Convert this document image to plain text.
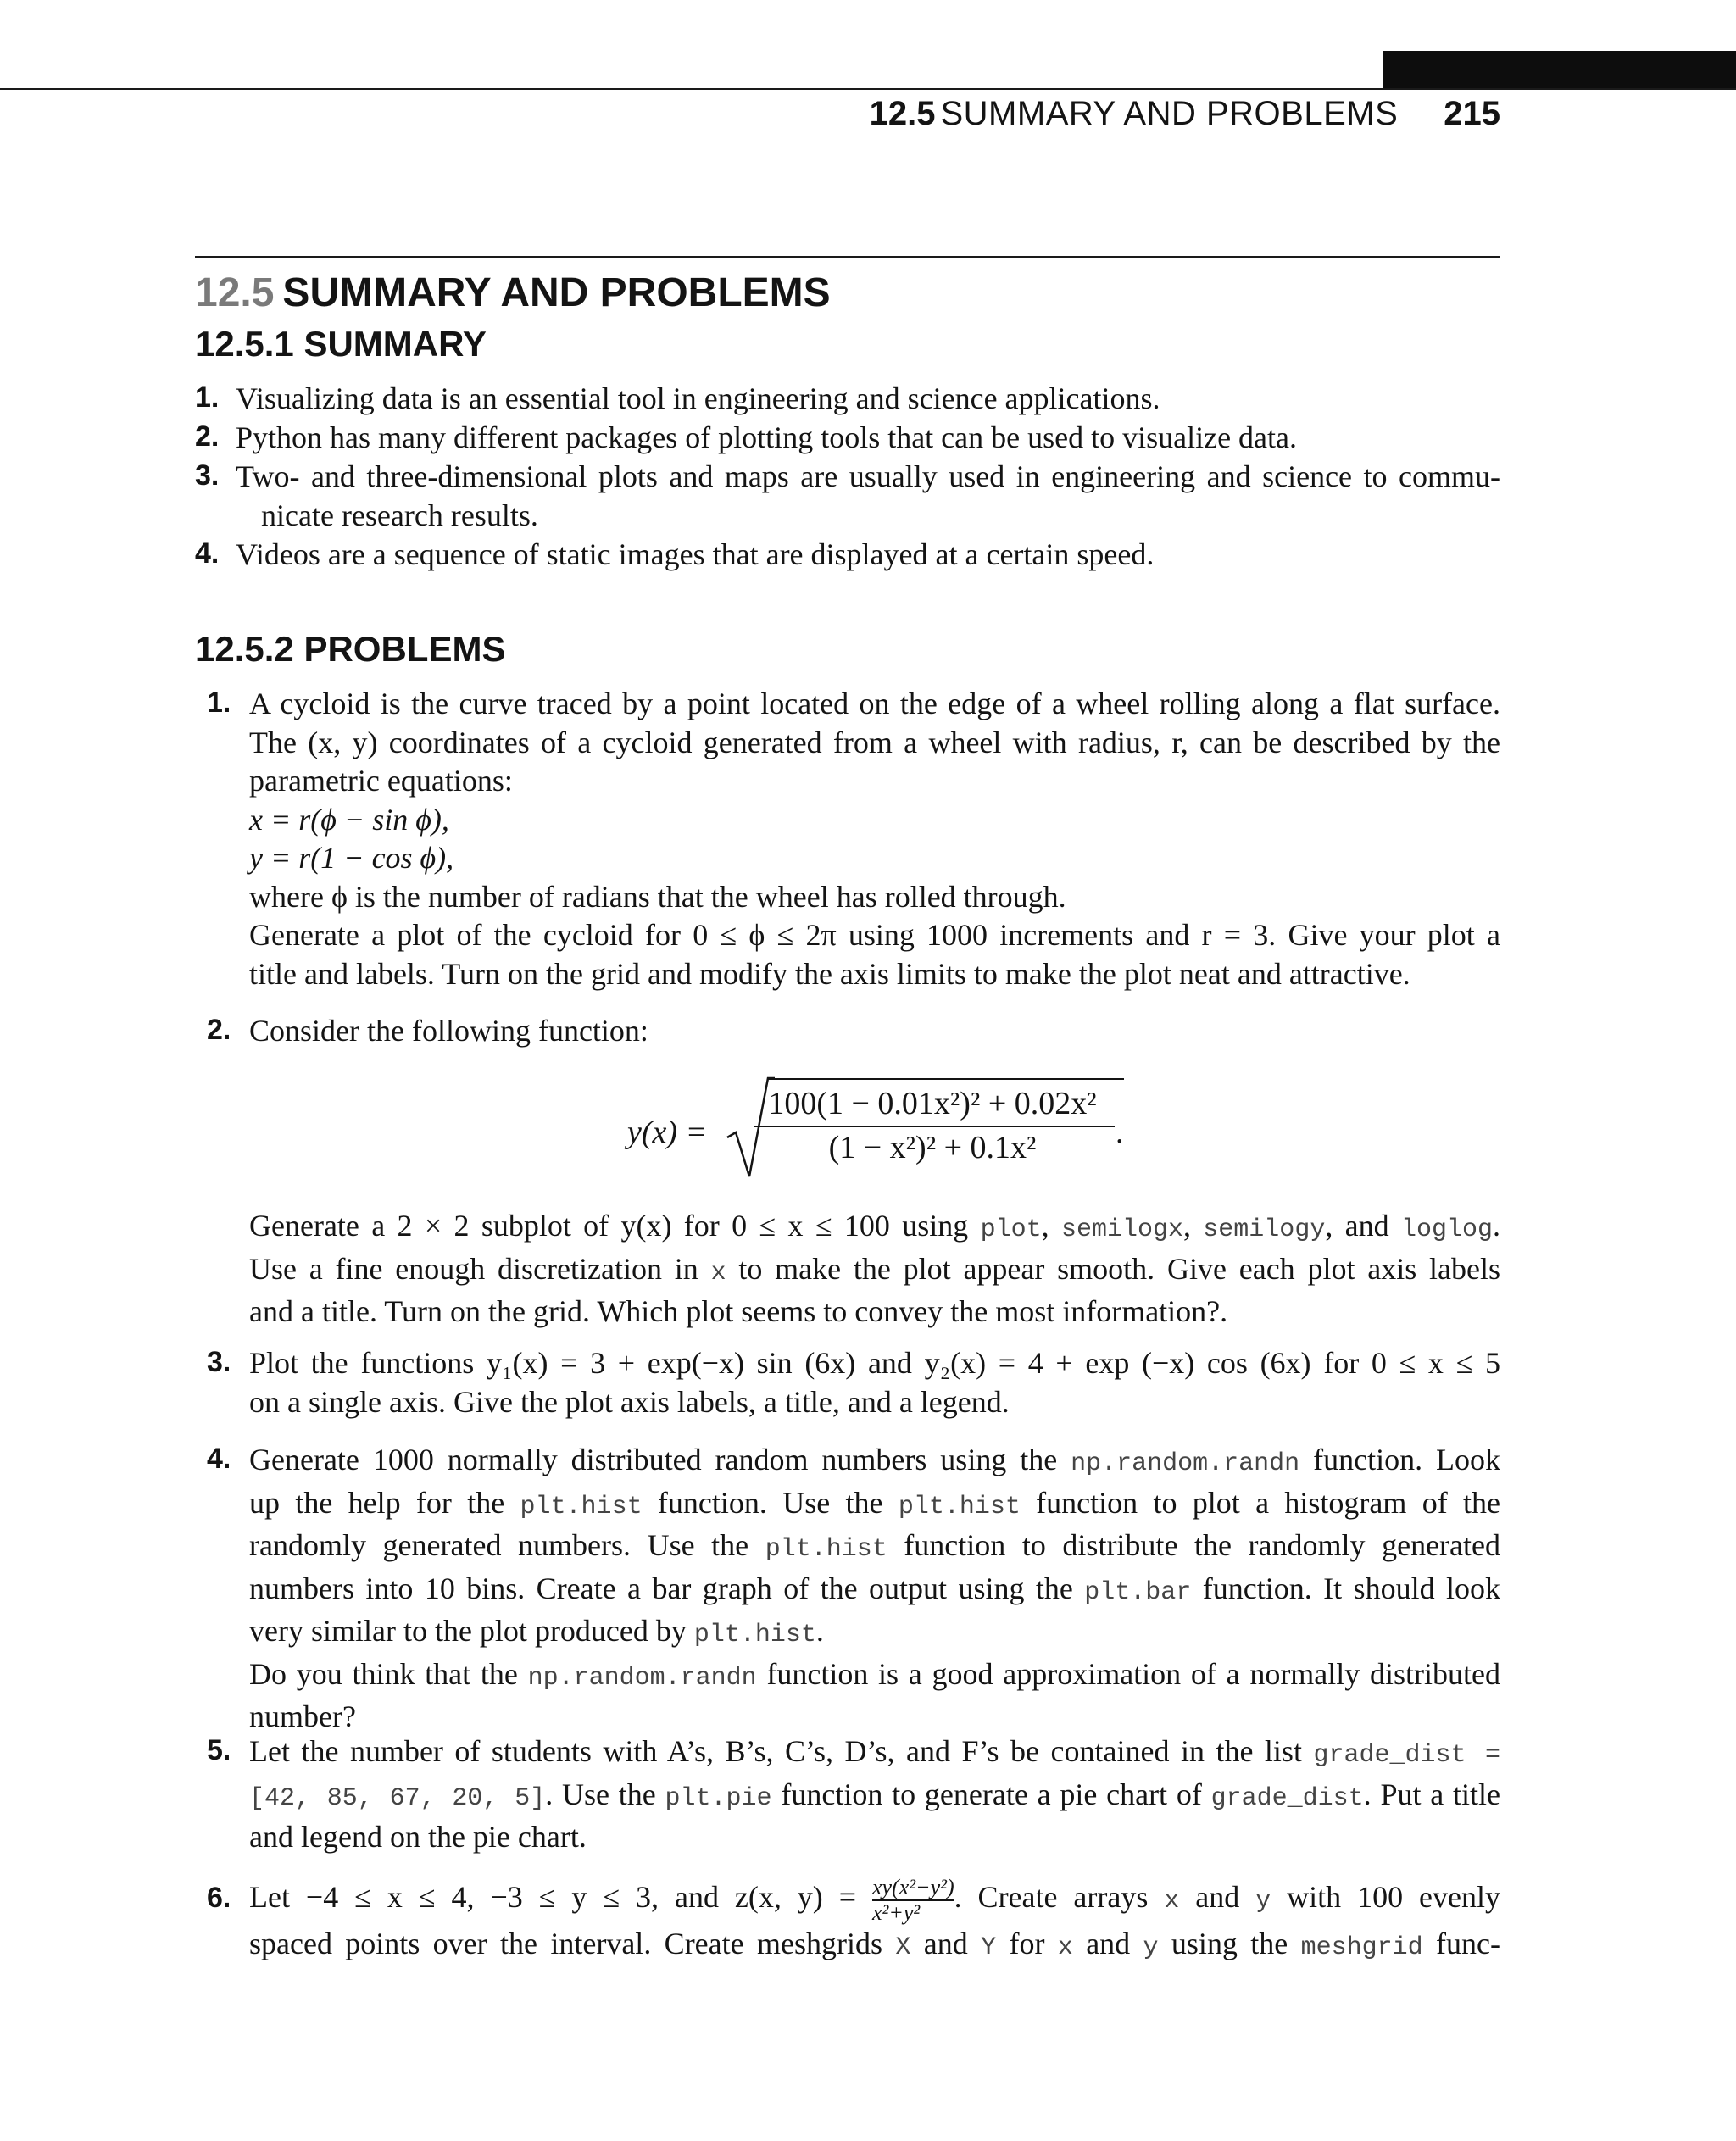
12.5 SUMMARY AND PROBLEMS 215
12.5 SUMMARY AND PROBLEMS
12.5.1 SUMMARY
1. Visualizing data is an essential tool in engineering and science applications.
2. Python has many different packages of plotting tools that can be used to visualize data.
3. Two- and three-dimensional plots and maps are usually used in engineering and science to commu-
nicate research results.
4. Videos are a sequence of static images that are displayed at a certain speed.
12.5.2 PROBLEMS
1. A cycloid is the curve traced by a point located on the edge of a wheel rolling along a flat surface.
The (x, y) coordinates of a cycloid generated from a wheel with radius, r, can be described by the
parametric equations:
x = r(ϕ − sin ϕ),
y = r(1 − cos ϕ),
where ϕ is the number of radians that the wheel has rolled through.
Generate a plot of the cycloid for 0 ≤ ϕ ≤ 2π using 1000 increments and r = 3. Give your plot a
title and labels. Turn on the grid and modify the axis limits to make the plot neat and attractive.
2. Consider the following function:
y(x) =
100(1 − 0.01x²)² + 0.02x²
(1 − x²)² + 0.1x²	.
Generate a 2 × 2 subplot of y(x) for 0 ≤ x ≤ 100 using plot, semilogx, semilogy, and loglog.
Use a fine enough discretization in x to make the plot appear smooth. Give each plot axis labels
and a title. Turn on the grid. Which plot seems to convey the most information?.
3. Plot the functions y₁(x) = 3 + exp(−x) sin (6x) and y₂(x) = 4 + exp (−x) cos (6x) for 0 ≤ x ≤ 5
on a single axis. Give the plot axis labels, a title, and a legend.
4. Generate 1000 normally distributed random numbers using the np.random.randn function. Look
up the help for the plt.hist function. Use the plt.hist function to plot a histogram of the
randomly generated numbers. Use the plt.hist function to distribute the randomly generated
numbers into 10 bins. Create a bar graph of the output using the plt.bar function. It should look
very similar to the plot produced by plt.hist.
Do you think that the np.random.randn function is a good approximation of a normally distributed
number?
5. Let the number of students with A’s, B’s, C’s, D’s, and F’s be contained in the list grade_dist =
[42, 85, 67, 20, 5]. Use the plt.pie function to generate a pie chart of grade_dist. Put a title
and legend on the pie chart.
6. Let −4 ≤ x ≤ 4, −3 ≤ y ≤ 3, and z(x, $y) = \frac{\text{xy(x²−y²)}}{\text{x²+y²}}$ . Create arrays x and y with 100 evenly
spaced points over the interval. Create meshgrids X and Y for x and y using the meshgrid func-
